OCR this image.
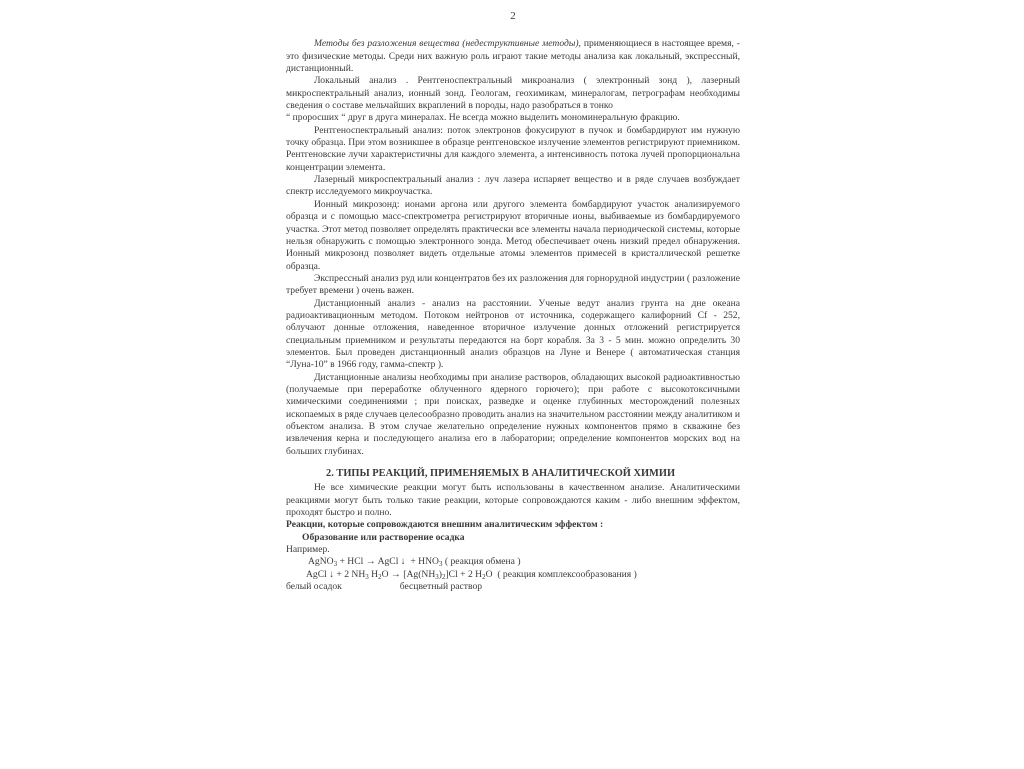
2

Методы без разложения вещества (недеструктивные методы), применяющиеся в настоящее время, - это физические методы. Среди них важную роль играют такие методы анализа как локальный, экспрессный, дистанционный.

Локальный анализ . Рентгеноспектральный микроанализ ( электронный зонд ), лазерный микроспектральный анализ, ионный зонд. Геологам, геохимикам, минералогам, петрографам необходимы сведения о составе мельчайших вкраплений в породы, надо разобраться в тонко

“ проросших “ друг в друга минералах. Не всегда можно выделить мономинеральную фракцию.

Рентгеноспектральный анализ: поток электронов фокусируют в пучок и бомбардируют им нужную точку образца. При этом возникшее в образце рентгеновское излучение элементов регистрируют приемником. Рентгеновские лучи характеристичны для каждого элемента, а интенсивность потока лучей пропорциональна концентрации элемента.

Лазерный микроспектральный анализ : луч лазера испаряет вещество и в ряде случаев возбуждает спектр исследуемого микроучастка.

Ионный микрозонд: ионами аргона или другого элемента бомбардируют участок анализируемого образца и с помощью масс-спектрометра регистрируют вторичные ионы, выбиваемые из бомбардируемого участка. Этот метод позволяет определять практически все элементы начала периодической системы, которые нельзя обнаружить с помощью электронного зонда. Метод обеспечивает очень низкий предел обнаружения. Ионный микрозонд позволяет видеть отдельные атомы элементов примесей в кристаллической решетке образца.

Экспрессный анализ руд или концентратов без их разложения для горнорудной индустрии ( разложение требует времени ) очень важен.

Дистанционный анализ - анализ на расстоянии. Ученые ведут анализ грунта на дне океана радиоактивационным методом. Потоком нейтронов от источника, содержащего калифорний Cf - 252, облучают донные отложения, наведенное вторичное излучение донных отложений регистрируется специальным приемником и результаты передаются на борт корабля. За 3 - 5 мин. можно определить 30 элементов. Был проведен дистанционный анализ образцов на Луне и Венере ( автоматическая станция “Луна-10” в 1966 году, гамма-спектр ).

Дистанционные анализы необходимы при анализе растворов, обладающих высокой радиоактивностью (получаемые при переработке облученного ядерного горючего); при работе с высокотоксичными химическими соединениями ; при поисках, разведке и оценке глубинных месторождений полезных ископаемых в ряде случаев целесообразно проводить анализ на значительном расстоянии между аналитиком и объектом анализа. В этом случае желательно определение нужных компонентов прямо в скважине без извлечения керна и последующего анализа его в лаборатории; определение компонентов морских вод на больших глубинах.

2. ТИПЫ РЕАКЦИЙ, ПРИМЕНЯЕМЫХ В АНАЛИТИЧЕСКОЙ ХИМИИ

Не все химические реакции могут быть использованы в качественном анализе. Аналитическими реакциями могут быть только такие реакции, которые сопровождаются каким - либо внешним эффектом, проходят быстро и полно.

Реакции, которые сопровождаются внешним аналитическим эффектом :
Образование или растворение осадка
Например.
AgNO$_3$ + HCl → AgCl ↓  + $HNO_3$ ( реакция обмена )
AgCl ↓ + 2 $NH_3$ $H_2O \to [Ag(NH_3)_2]Cl + 2$ $H_2O$  ( реакция комплексообразования )
белый осадок	бесцветный раствор
